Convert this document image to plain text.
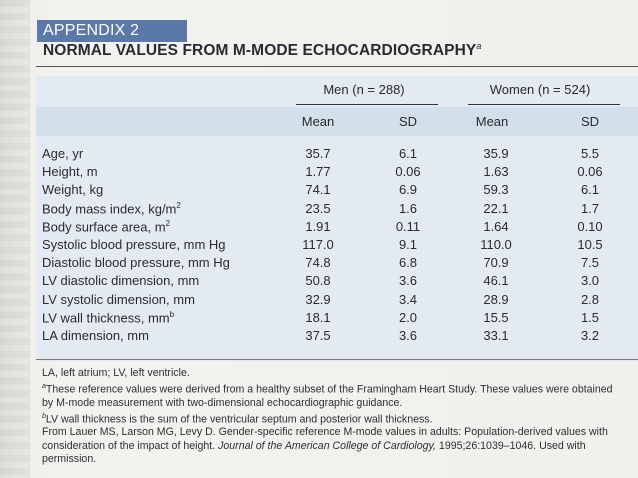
APPENDIX 2
NORMAL VALUES FROM M-MODE ECHOCARDIOGRAPHY$^a$
Men (n = 288)	Women (n = 524)
Mean	SD	Mean	SD
Age, yr	35.7	6.1	35.9	5.5
Height, m	1.77	0.06	1.63	0.06
Weight, kg	74.1	6.9	59.3	6.1
Body mass index, $kg/m^2$	23.5	1.6	22.1	1.7
Body surface area, $m^2$	1.91	0.11	1.64	0.10
Systolic blood pressure, mm Hg	117.0	9.1	110.0	10.5
Diastolic blood pressure, mm Hg	74.8	6.8	70.9	7.5
LV diastolic dimension, mm	50.8	3.6	46.1	3.0
LV systolic dimension, mm	32.9	3.4	28.9	2.8
LV wall thickness, $mm^b$	18.1	2.0	15.5	1.5
LA dimension, mm	37.5	3.6	33.1	3.2

LA, left atrium; LV, left ventricle.

$^a$These reference values were derived from a healthy subset of the Framingham Heart Study. These values were obtained by M-mode measurement with two-dimensional echocardiographic guidance.

$^b$LV wall thickness is the sum of the ventricular septum and posterior wall thickness.

From Lauer MS, Larson MG, Levy D. Gender-specific reference M-mode values in adults: Population-derived values with consideration of the impact of height. Journal of the American College of Cardiology, 1995;26:1039–1046. Used with permission.
